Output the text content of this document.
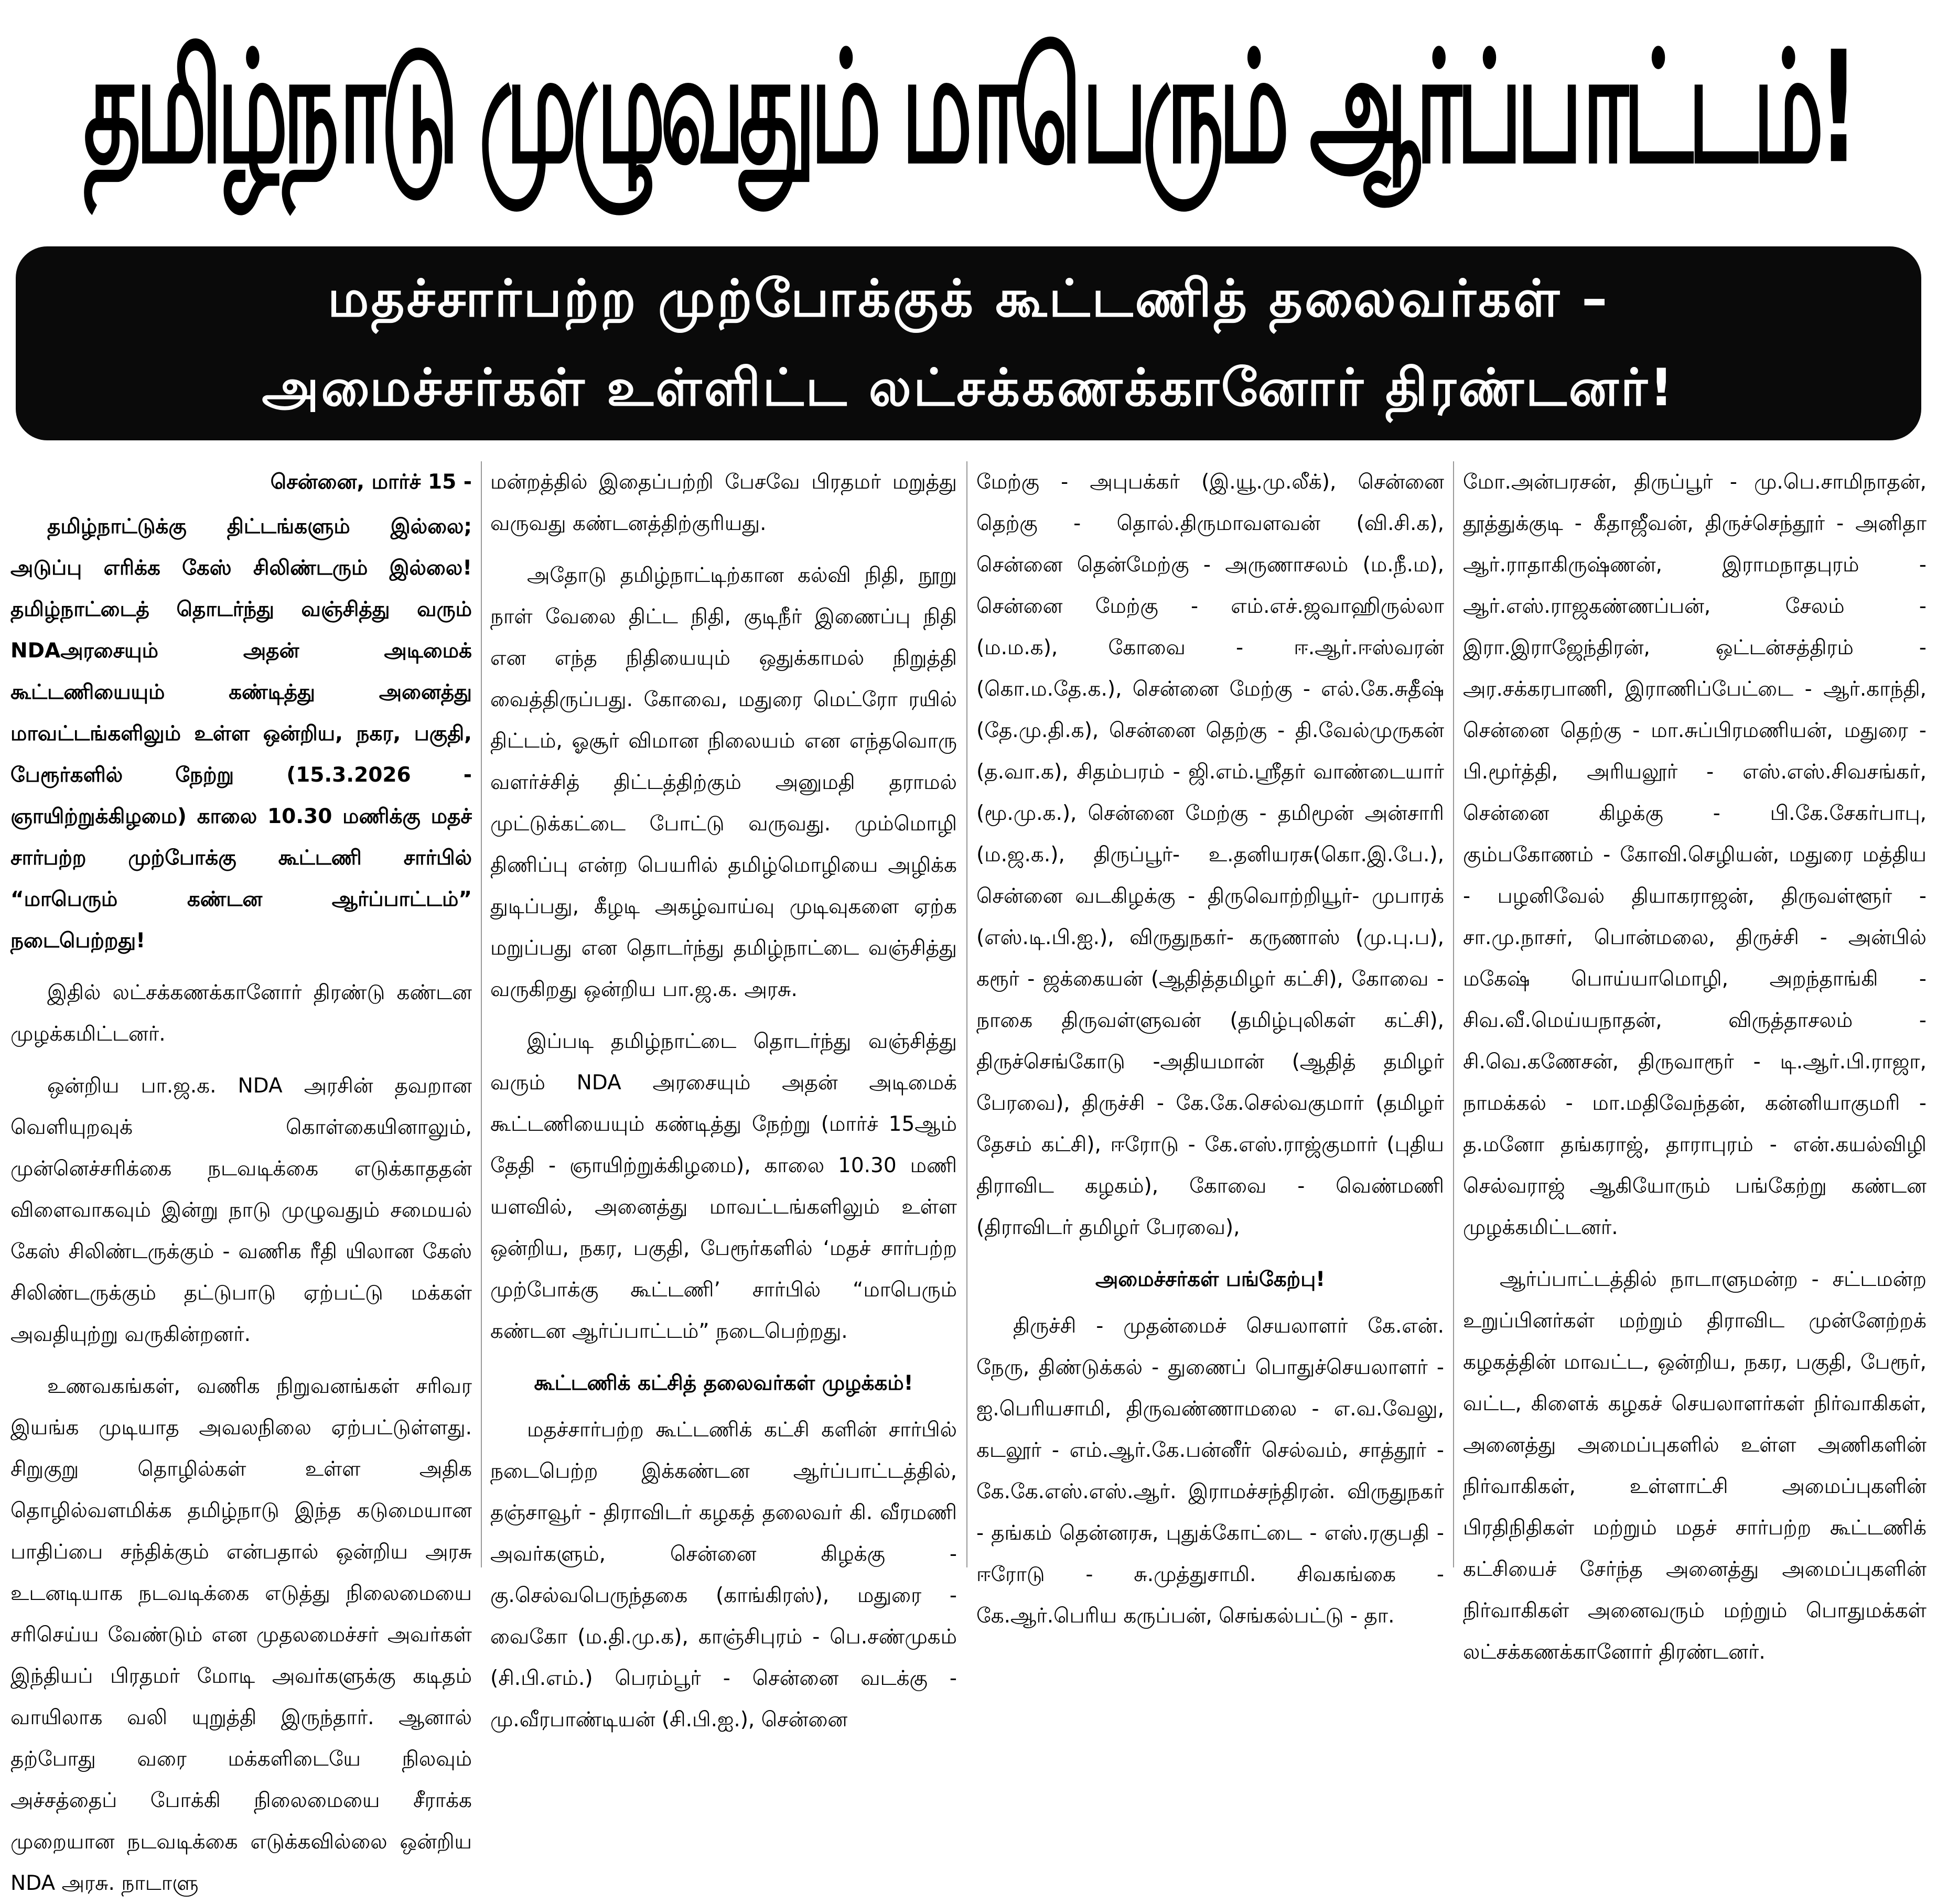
தமிழ்நாடு முழுவதும் மாபெரும் ஆர்ப்பாட்டம்!
மதச்சார்பற்ற முற்போக்குக் கூட்டணித் தலைவர்கள் –
அமைச்சர்கள் உள்ளிட்ட லட்சக்கணக்கானோர் திரண்டனர்!
சென்னை, மார்ச் 15 -

தமிழ்நாட்டுக்கு திட்டங்களும் இல்லை; அடுப்பு எரிக்க கேஸ் சிலிண்டரும் இல்லை! தமிழ்நாட்டைத் தொடர்ந்து வஞ்சித்து வரும் NDAஅரசையும் அதன் அடிமைக் கூட்டணியையும் கண்டித்து அனைத்து மாவட்டங்களிலும் உள்ள ஒன்றிய, நகர, பகுதி, பேரூர்களில் நேற்று (15.3.2026 - ஞாயிற்றுக்கிழமை) காலை 10.30 மணிக்கு மதச் சார்பற்ற முற்போக்கு கூட்டணி சார்பில் “மாபெரும் கண்டன ஆர்ப்பாட்டம்” நடைபெற்றது!

இதில் லட்சக்கணக்கானோர் திரண்டு கண்டன முழக்கமிட்டனர்.

ஒன்றிய பா.ஜ.க. NDA அரசின் தவறான வெளியுறவுக் கொள்கையினாலும், முன்னெச்சரிக்கை நடவடிக்கை எடுக்காததன் விளைவாகவும் இன்று நாடு முழுவதும் சமையல் கேஸ் சிலிண்டருக்கும் - வணிக ரீதி யிலான கேஸ் சிலிண்டருக்கும் தட்டுபாடு ஏற்பட்டு மக்கள் அவதியுற்று வருகின்றனர்.

உணவகங்கள், வணிக நிறுவனங்கள் சரிவர இயங்க முடியாத அவலநிலை ஏற்பட்டுள்ளது. சிறுகுறு தொழில்கள் உள்ள அதிக தொழில்வளமிக்க தமிழ்நாடு இந்த கடுமையான பாதிப்பை சந்திக்கும் என்பதால் ஒன்றிய அரசு உடனடியாக நடவடிக்கை எடுத்து நிலைமையை சரிசெய்ய வேண்டும் என முதலமைச்சர் அவர்கள் இந்தியப் பிரதமர் மோடி அவர்களுக்கு கடிதம் வாயிலாக வலி யுறுத்தி இருந்தார். ஆனால் தற்போது வரை மக்களிடையே நிலவும் அச்சத்தைப் போக்கி நிலைமையை சீராக்க முறையான நடவடிக்கை எடுக்கவில்லை ஒன்றிய NDA அரசு. நாடாளு

மன்றத்தில் இதைப்பற்றி பேசவே பிரதமர் மறுத்து வருவது கண்டனத்திற்குரியது.

அதோடு தமிழ்நாட்டிற்கான கல்வி நிதி, நூறு நாள் வேலை திட்ட நிதி, குடிநீர் இணைப்பு நிதி என எந்த நிதியையும் ஒதுக்காமல் நிறுத்தி வைத்திருப்பது. கோவை, மதுரை மெட்ரோ ரயில் திட்டம், ஓசூர் விமான நிலையம் என எந்தவொரு வளர்ச்சித் திட்டத்திற்கும் அனுமதி தராமல் முட்டுக்கட்டை போட்டு வருவது. மும்மொழி திணிப்பு என்ற பெயரில் தமிழ்மொழியை அழிக்க துடிப்பது, கீழடி அகழ்வாய்வு முடிவுகளை ஏற்க மறுப்பது என தொடர்ந்து தமிழ்நாட்டை வஞ்சித்து வருகிறது ஒன்றிய பா.ஜ.க. அரசு.

இப்படி தமிழ்நாட்டை தொடர்ந்து வஞ்சித்து வரும் NDA அரசையும் அதன் அடிமைக் கூட்டணியையும் கண்டித்து நேற்று (மார்ச் 15ஆம் தேதி - ஞாயிற்றுக்கிழமை), காலை 10.30 மணி யளவில், அனைத்து மாவட்டங்களிலும் உள்ள ஒன்றிய, நகர, பகுதி, பேரூர்களில் ‘மதச் சார்பற்ற முற்போக்கு கூட்டணி’ சார்பில் “மாபெரும் கண்டன ஆர்ப்பாட்டம்” நடைபெற்றது.

கூட்டணிக் கட்சித் தலைவர்கள் முழக்கம்!

மதச்சார்பற்ற கூட்டணிக் கட்சி களின் சார்பில் நடைபெற்ற இக்கண்டன ஆர்ப்பாட்டத்தில், தஞ்சாவூர் - திராவிடர் கழகத் தலைவர் கி. வீரமணி அவர்களும், சென்னை கிழக்கு - கு.செல்வபெருந்தகை (காங்கிரஸ்), மதுரை - வைகோ (ம.தி.மு.க), காஞ்சிபுரம் - பெ.சண்முகம் (சி.பி.எம்.) பெரம்பூர் - சென்னை வடக்கு - மு.வீரபாண்டியன் (சி.பி.ஐ.), சென்னை

மேற்கு - அபுபக்கர் (இ.யூ.மு.லீக்), சென்னை தெற்கு - தொல்.திருமாவளவன் (வி.சி.க), சென்னை தென்மேற்கு - அருணாசலம் (ம.நீ.ம), சென்னை மேற்கு - எம்.எச்.ஜவாஹிருல்லா (ம.ம.க), கோவை - ஈ.ஆர்.ஈஸ்வரன் (கொ.ம.தே.க.), சென்னை மேற்கு - எல்.கே.சுதீஷ் (தே.மு.தி.க), சென்னை தெற்கு - தி.வேல்முருகன் (த.வா.க), சிதம்பரம் - ஜி.எம்.ஸ்ரீதர் வாண்டையார் (மூ.மு.க.), சென்னை மேற்கு - தமிமூன் அன்சாரி (ம.ஜ.க.), திருப்பூர்- உ.தனியரசு(கொ.இ.பே.), சென்னை வடகிழக்கு - திருவொற்றியூர்- முபாரக் (எஸ்.டி.பி.ஐ.), விருதுநகர்- கருணாஸ் (மு.பு.ப), கரூர் - ஜக்கையன் (ஆதித்தமிழர் கட்சி), கோவை - நாகை திருவள்ளுவன் (தமிழ்புலிகள் கட்சி), திருச்செங்கோடு -அதியமான் (ஆதித் தமிழர் பேரவை), திருச்சி - கே.கே.செல்வகுமார் (தமிழர் தேசம் கட்சி), ஈரோடு - கே.எஸ்.ராஜ்குமார் (புதிய திராவிட கழகம்), கோவை - வெண்மணி (திராவிடர் தமிழர் பேரவை),

அமைச்சர்கள் பங்கேற்பு!

திருச்சி - முதன்மைச் செயலாளர் கே.என். நேரு, திண்டுக்கல் - துணைப் பொதுச்செயலாளர் - ஐ.பெரியசாமி, திருவண்ணாமலை - எ.வ.வேலு, கடலூர் - எம்.ஆர்.கே.பன்னீர் செல்வம், சாத்தூர் - கே.கே.எஸ்.எஸ்.ஆர். இராமச்சந்திரன். விருதுநகர் - தங்கம் தென்னரசு, புதுக்கோட்டை - எஸ்.ரகுபதி - ஈரோடு - சு.முத்துசாமி. சிவகங்கை - கே.ஆர்.பெரிய கருப்பன், செங்கல்பட்டு - தா.

மோ.அன்பரசன், திருப்பூர் - மு.பெ.சாமிநாதன், தூத்துக்குடி - கீதாஜீவன், திருச்செந்தூர் - அனிதா ஆர்.ராதாகிருஷ்ணன், இராமநாதபுரம் - ஆர்.எஸ்.ராஜகண்ணப்பன், சேலம் - இரா.இராஜேந்திரன், ஒட்டன்சத்திரம் - அர.சக்கரபாணி, இராணிப்பேட்டை - ஆர்.காந்தி, சென்னை தெற்கு - மா.சுப்பிரமணியன், மதுரை - பி.மூர்த்தி, அரியலூர் - எஸ்.எஸ்.சிவசங்கர், சென்னை கிழக்கு - பி.கே.சேகர்பாபு, கும்பகோணம் - கோவி.செழியன், மதுரை மத்திய - பழனிவேல் தியாகராஜன், திருவள்ளூர் - சா.மு.நாசர், பொன்மலை, திருச்சி - அன்பில் மகேஷ் பொய்யாமொழி, அறந்தாங்கி - சிவ.வீ.மெய்யநாதன், விருத்தாசலம் - சி.வெ.கணேசன், திருவாரூர் - டி.ஆர்.பி.ராஜா, நாமக்கல் - மா.மதிவேந்தன், கன்னியாகுமரி - த.மனோ தங்கராஜ், தாராபுரம் - என்.கயல்விழி செல்வராஜ் ஆகியோரும் பங்கேற்று கண்டன முழக்கமிட்டனர்.

ஆர்ப்பாட்டத்தில் நாடாளுமன்ற - சட்டமன்ற உறுப்பினர்கள் மற்றும் திராவிட முன்னேற்றக் கழகத்தின் மாவட்ட, ஒன்றிய, நகர, பகுதி, பேரூர், வட்ட, கிளைக் கழகச் செயலாளர்கள் நிர்வாகிகள், அனைத்து அமைப்புகளில் உள்ள அணிகளின் நிர்வாகிகள், உள்ளாட்சி அமைப்புகளின் பிரதிநிதிகள் மற்றும் மதச் சார்பற்ற கூட்டணிக் கட்சியைச் சேர்ந்த அனைத்து அமைப்புகளின் நிர்வாகிகள் அனைவரும் மற்றும் பொதுமக்கள் லட்சக்கணக்கானோர் திரண்டனர்.
